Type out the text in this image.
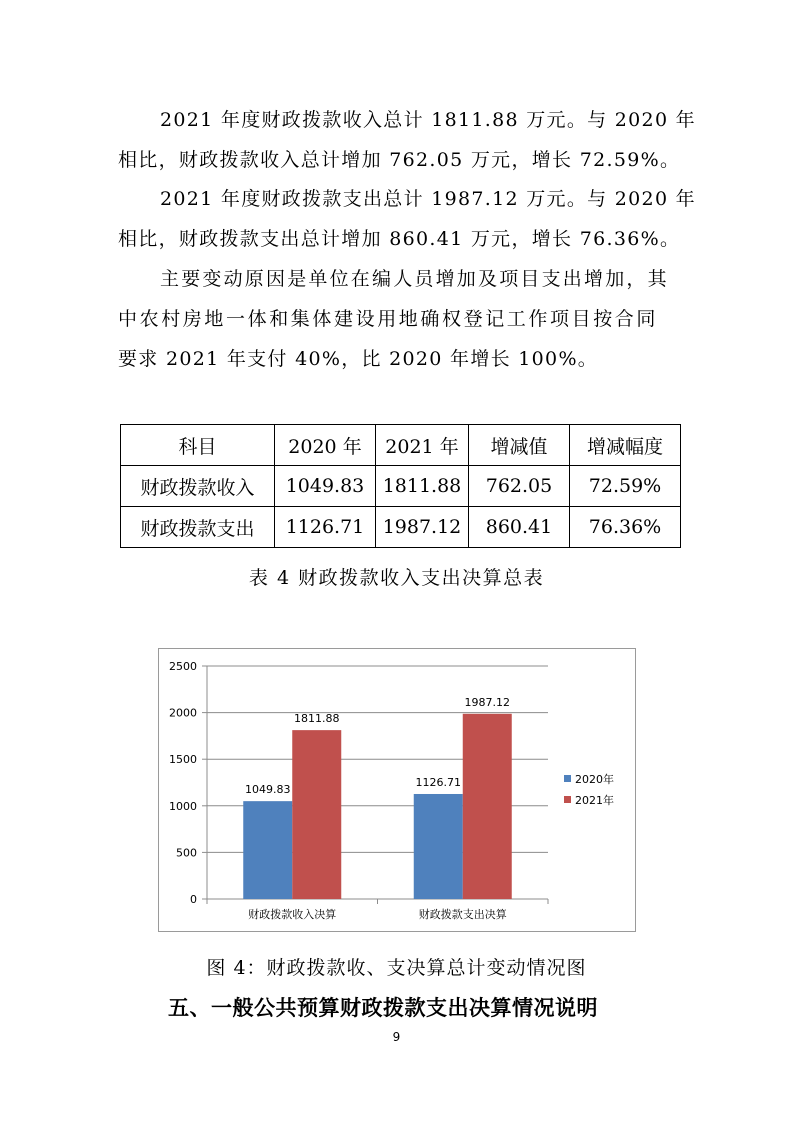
2021 年度财政拨款收入总计 1811.88 万元。与 2020 年
相比，财政拨款收入总计增加 762.05 万元，增长 72.59%。
2021 年度财政拨款支出总计 1987.12 万元。与 2020 年
相比，财政拨款支出总计增加 860.41 万元，增长 76.36%。
主要变动原因是单位在编人员增加及项目支出增加，其
中农村房地一体和集体建设用地确权登记工作项目按合同
要求 2021 年支付 40%，比 2020 年增长 100%。
科目	2020 年	2021 年	增减值	增减幅度
财政拨款收入	1049.83	1811.88	762.05	72.59%
财政拨款支出	1126.71	1987.12	860.41	76.36%
表 4 财政拨款收入支出决算总表
0
500
1000
1500
2000
2500
1049.83
1811.88
财政拨款收入决算
1126.71
1987.12
财政拨款支出决算
2020年
2021年
图 4：财政拨款收、支决算总计变动情况图
五、一般公共预算财政拨款支出决算情况说明
9
